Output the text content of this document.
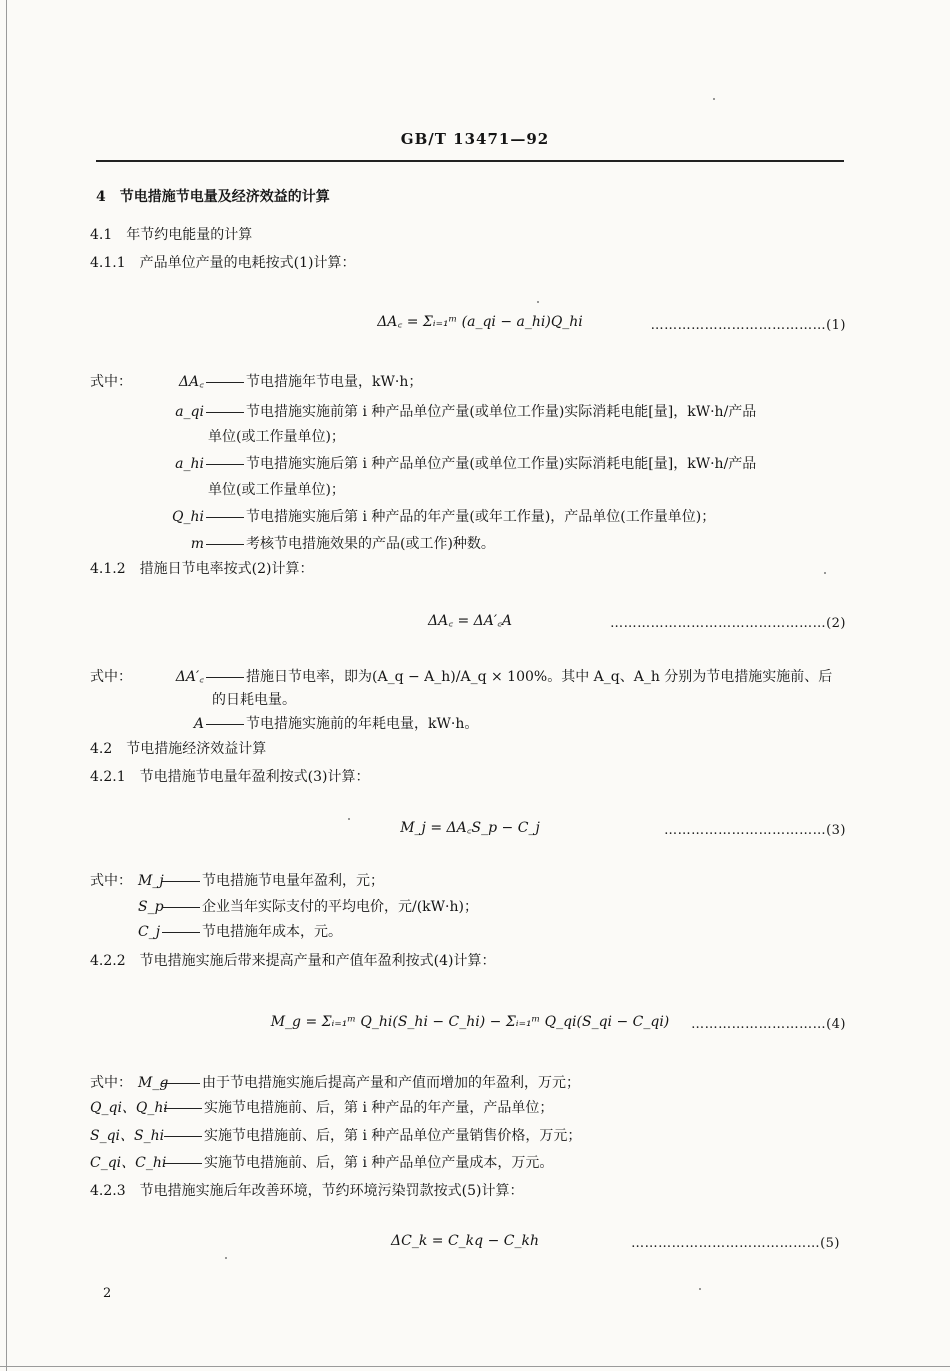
GB/T 13471—92
4　节电措施节电量及经济效益的计算
4.1　年节约电能量的计算
4.1.1　产品单位产量的电耗按式(1)计算：
ΔA꜀ = Σᵢ₌₁ᵐ (a_qi − a_hi)Q_hi	…………………………………(1)
式中：	ΔA꜀	节电措施年节电量，kW·h；
a_qi	节电措施实施前第 i 种产品单位产量(或单位工作量)实际消耗电能[量]，kW·h/产品
单位(或工作量单位)；
a_hi	节电措施实施后第 i 种产品单位产量(或单位工作量)实际消耗电能[量]，kW·h/产品
单位(或工作量单位)；
Q_hi	节电措施实施后第 i 种产品的年产量(或年工作量)，产品单位(工作量单位)；
m	考核节电措施效果的产品(或工作)种数。
4.1.2　措施日节电率按式(2)计算：
ΔA꜀ = ΔA′꜀A	…………………………………………(2)
式中：	ΔA′꜀	措施日节电率，即为(A_q − A_h)/A_q × 100%。其中 A_q、A_h 分别为节电措施实施前、后
的日耗电量。
A	节电措施实施前的年耗电量，kW·h。
4.2　节电措施经济效益计算
4.2.1　节电措施节电量年盈利按式(3)计算：
M_j = ΔA꜀S_p − C_j	………………………………(3)
式中： M_j	节电措施节电量年盈利，元；
S_p	企业当年实际支付的平均电价，元/(kW·h)；
C_j	节电措施年成本，元。
4.2.2　节电措施实施后带来提高产量和产值年盈利按式(4)计算：
M_g = Σᵢ₌₁ᵐ Q_hi(S_hi − C_hi) − Σᵢ₌₁ᵐ Q_qi(S_qi − C_qi)	…………………………(4)
式中： M_g 由于节电措施实施后提高产量和产值而增加的年盈利，万元；
Q_qi、Q_hi	实施节电措施前、后，第 i 种产品的年产量，产品单位；
S_qi、S_hi	实施节电措施前、后，第 i 种产品单位产量销售价格，万元；
C_qi、C_hi	实施节电措施前、后，第 i 种产品单位产量成本，万元。
4.2.3　节电措施实施后年改善环境，节约环境污染罚款按式(5)计算：
ΔC_k = C_kq − C_kh	……………………………………(5)
2
